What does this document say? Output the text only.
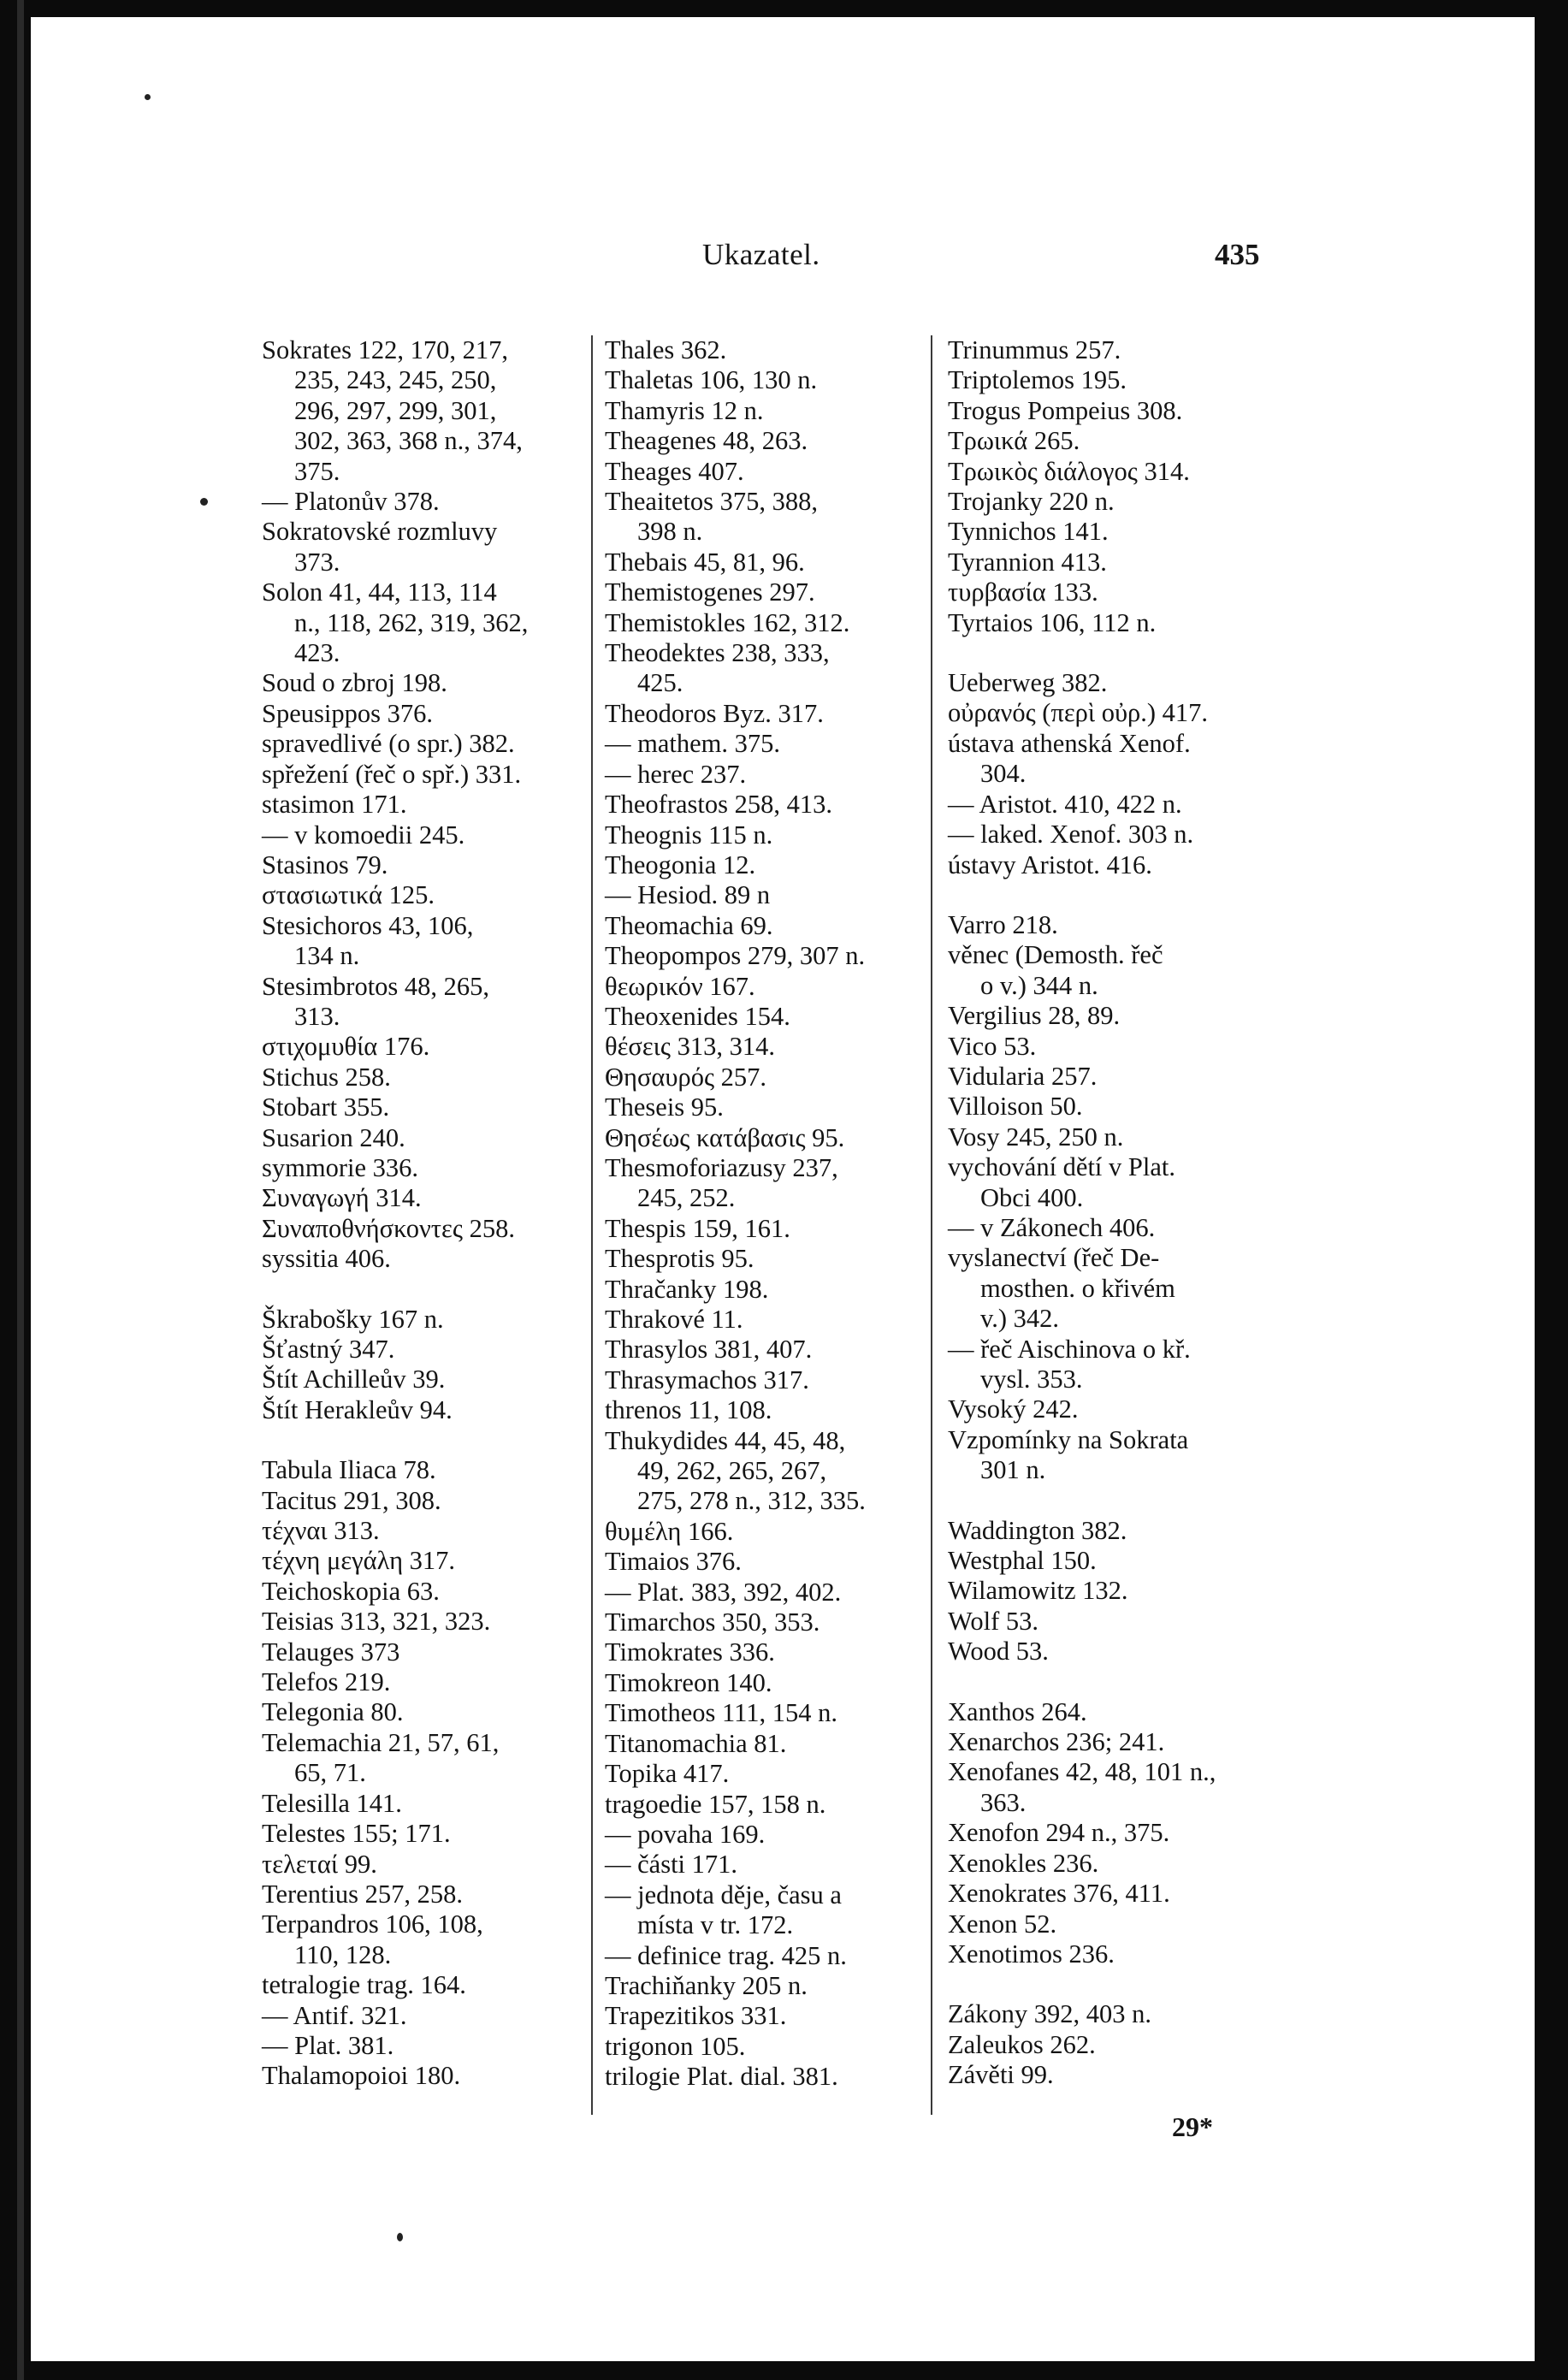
Ukazatel.	435
Sokrates 122, 170, 217,
235, 243, 245, 250,
296, 297, 299, 301,
302, 363, 368 n., 374,
375.
— Platonův 378.
Sokratovské rozmluvy
373.
Solon 41, 44, 113, 114
n., 118, 262, 319, 362,
423.
Soud o zbroj 198.
Speusippos 376.
spravedlivé (o spr.) 382.
spřežení (řeč o spř.) 331.
stasimon 171.
— v komoedii 245.
Stasinos 79.
στασιωτικά 125.
Stesichoros 43, 106,
134 n.
Stesimbrotos 48, 265,
313.
στιχομυθία 176.
Stichus 258.
Stobart 355.
Susarion 240.
symmorie 336.
Συναγωγή 314.
Συναποθνήσκοντες 258.
syssitia 406.
Škrabošky 167 n.
Šťastný 347.
Štít Achilleův 39.
Štít Herakleův 94.
Tabula Iliaca 78.
Tacitus 291, 308.
τέχναι 313.
τέχνη μεγάλη 317.
Teichoskopia 63.
Teisias 313, 321, 323.
Telauges 373
Telefos 219.
Telegonia 80.
Telemachia 21, 57, 61,
65, 71.
Telesilla 141.
Telestes 155; 171.
τελεταί 99.
Terentius 257, 258.
Terpandros 106, 108,
110, 128.
tetralogie trag. 164.
— Antif. 321.
— Plat. 381.
Thalamopoioi 180.
Thales 362.
Thaletas 106, 130 n.
Thamyris 12 n.
Theagenes 48, 263.
Theages 407.
Theaitetos 375, 388,
398 n.
Thebais 45, 81, 96.
Themistogenes 297.
Themistokles 162, 312.
Theodektes 238, 333,
425.
Theodoros Byz. 317.
— mathem. 375.
— herec 237.
Theofrastos 258, 413.
Theognis 115 n.
Theogonia 12.
— Hesiod. 89 n
Theomachia 69.
Theopompos 279, 307 n.
θεωρικόν 167.
Theoxenides 154.
θέσεις 313, 314.
Θησαυρός 257.
Theseis 95.
Θησέως κατάβασις 95.
Thesmoforiazusy 237,
245, 252.
Thespis 159, 161.
Thesprotis 95.
Thračanky 198.
Thrakové 11.
Thrasylos 381, 407.
Thrasymachos 317.
threnos 11, 108.
Thukydides 44, 45, 48,
49, 262, 265, 267,
275, 278 n., 312, 335.
θυμέλη 166.
Timaios 376.
— Plat. 383, 392, 402.
Timarchos 350, 353.
Timokrates 336.
Timokreon 140.
Timotheos 111, 154 n.
Titanomachia 81.
Topika 417.
tragoedie 157, 158 n.
— povaha 169.
— části 171.
— jednota děje, času a
místa v tr. 172.
— definice trag. 425 n.
Trachiňanky 205 n.
Trapezitikos 331.
trigonon 105.
trilogie Plat. dial. 381.
Trinummus 257.
Triptolemos 195.
Trogus Pompeius 308.
Τρωικά 265.
Τρωικὸς διάλογος 314.
Trojanky 220 n.
Tynnichos 141.
Tyrannion 413.
τυρβασία 133.
Tyrtaios 106, 112 n.
Ueberweg 382.
οὐρανός (περὶ οὐρ.) 417.
ústava athenská Xenof.
304.
— Aristot. 410, 422 n.
— laked. Xenof. 303 n.
ústavy Aristot. 416.
Varro 218.
věnec (Demosth. řeč
o v.) 344 n.
Vergilius 28, 89.
Vico 53.
Vidularia 257.
Villoison 50.
Vosy 245, 250 n.
vychování dětí v Plat.
Obci 400.
— v Zákonech 406.
vyslanectví (řeč De-
mosthen. o křivém
v.) 342.
— řeč Aischinova o kř.
vysl. 353.
Vysoký 242.
Vzpomínky na Sokrata
301 n.
Waddington 382.
Westphal 150.
Wilamowitz 132.
Wolf 53.
Wood 53.
Xanthos 264.
Xenarchos 236; 241.
Xenofanes 42, 48, 101 n.,
363.
Xenofon 294 n., 375.
Xenokles 236.
Xenokrates 376, 411.
Xenon 52.
Xenotimos 236.
Zákony 392, 403 n.
Zaleukos 262.
Závěti 99.
29*
